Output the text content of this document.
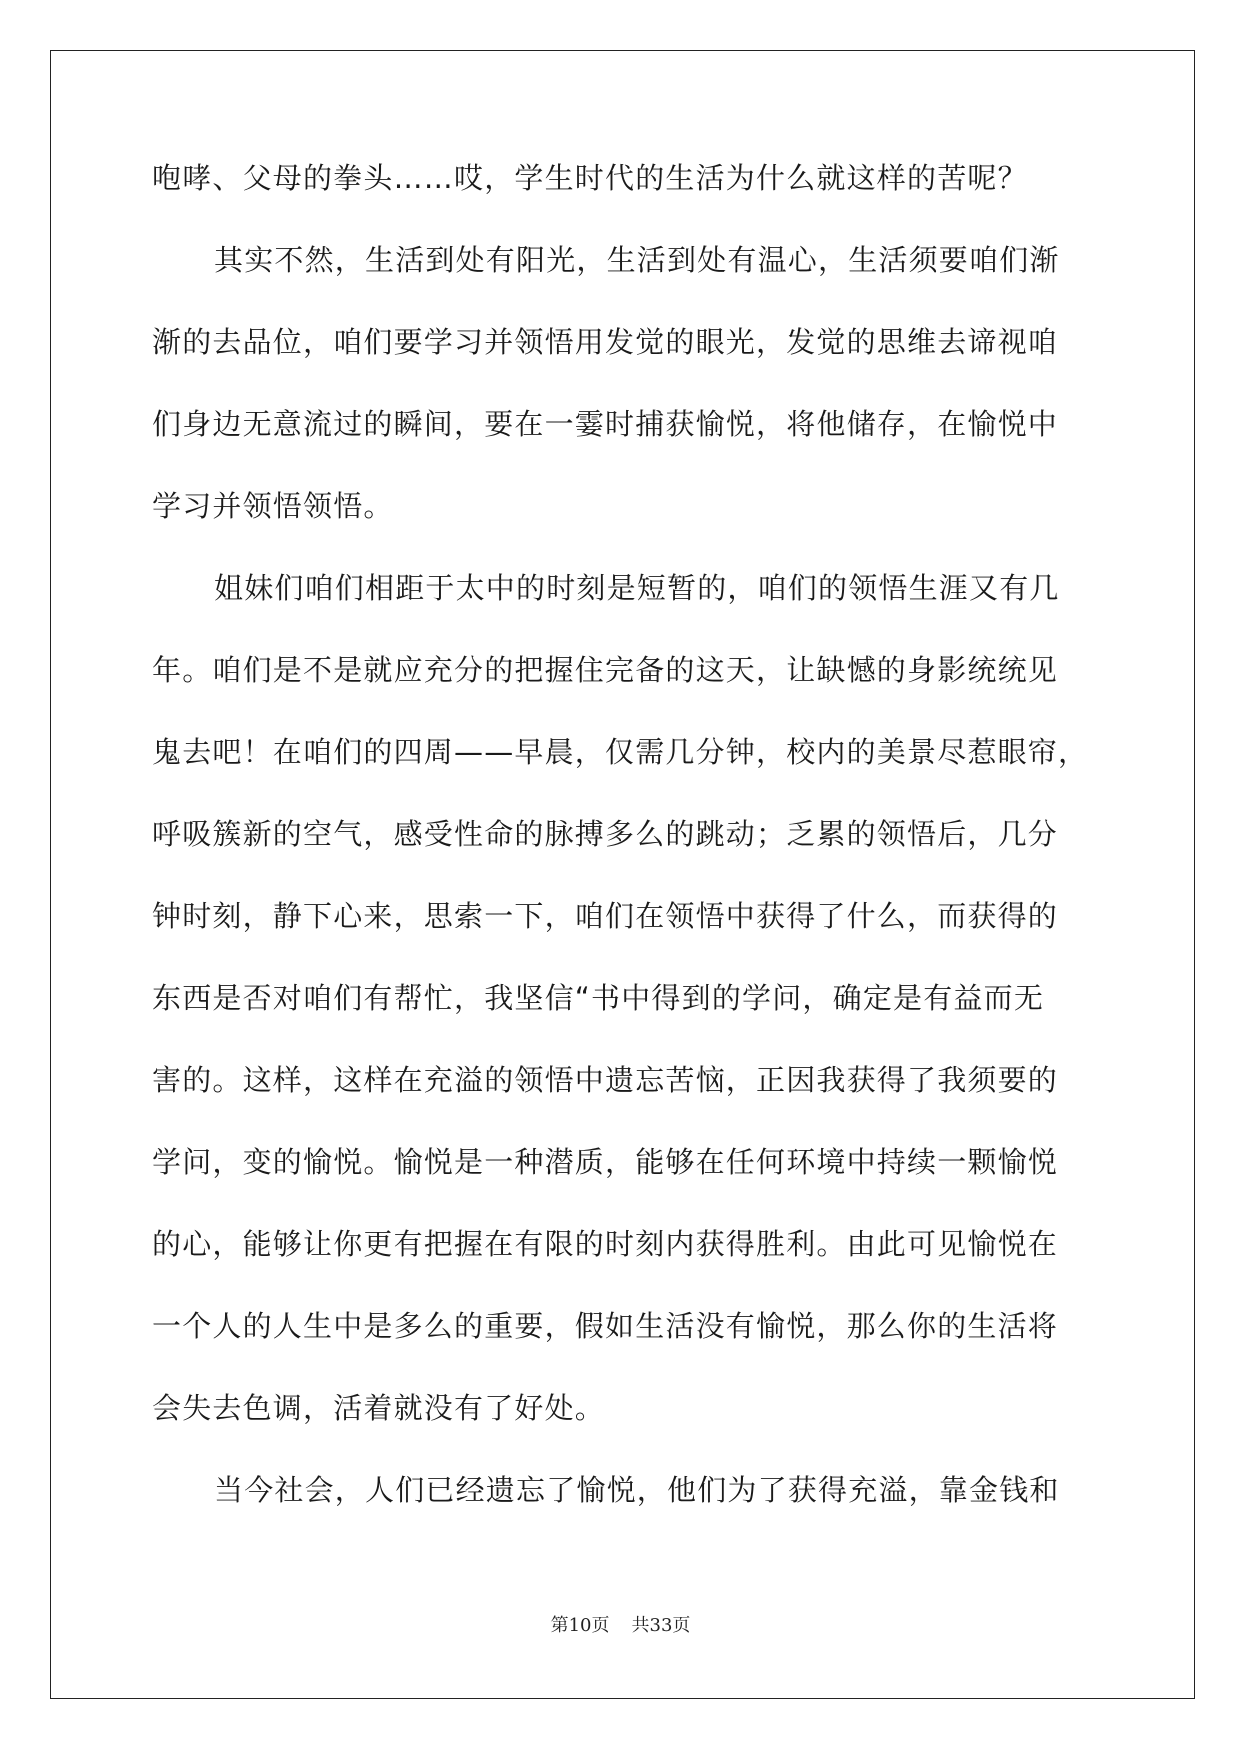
咆哮、父母的拳头……哎，学生时代的生活为什么就这样的苦呢？
其实不然，生活到处有阳光，生活到处有温心，生活须要咱们渐
渐的去品位，咱们要学习并领悟用发觉的眼光，发觉的思维去谛视咱
们身边无意流过的瞬间，要在一霎时捕获愉悦，将他储存，在愉悦中
学习并领悟领悟。
姐妹们咱们相距于太中的时刻是短暂的，咱们的领悟生涯又有几
年。咱们是不是就应充分的把握住完备的这天，让缺憾的身影统统见
鬼去吧！在咱们的四周——早晨，仅需几分钟，校内的美景尽惹眼帘，
呼吸簇新的空气，感受性命的脉搏多么的跳动；乏累的领悟后，几分
钟时刻，静下心来，思索一下，咱们在领悟中获得了什么，而获得的
东西是否对咱们有帮忙，我坚信“书中得到的学问，确定是有益而无
害的。这样，这样在充溢的领悟中遗忘苦恼，正因我获得了我须要的
学问，变的愉悦。愉悦是一种潜质，能够在任何环境中持续一颗愉悦
的心，能够让你更有把握在有限的时刻内获得胜利。由此可见愉悦在
一个人的人生中是多么的重要，假如生活没有愉悦，那么你的生活将
会失去色调，活着就没有了好处。
当今社会，人们已经遗忘了愉悦，他们为了获得充溢，靠金钱和
第10页 共33页
